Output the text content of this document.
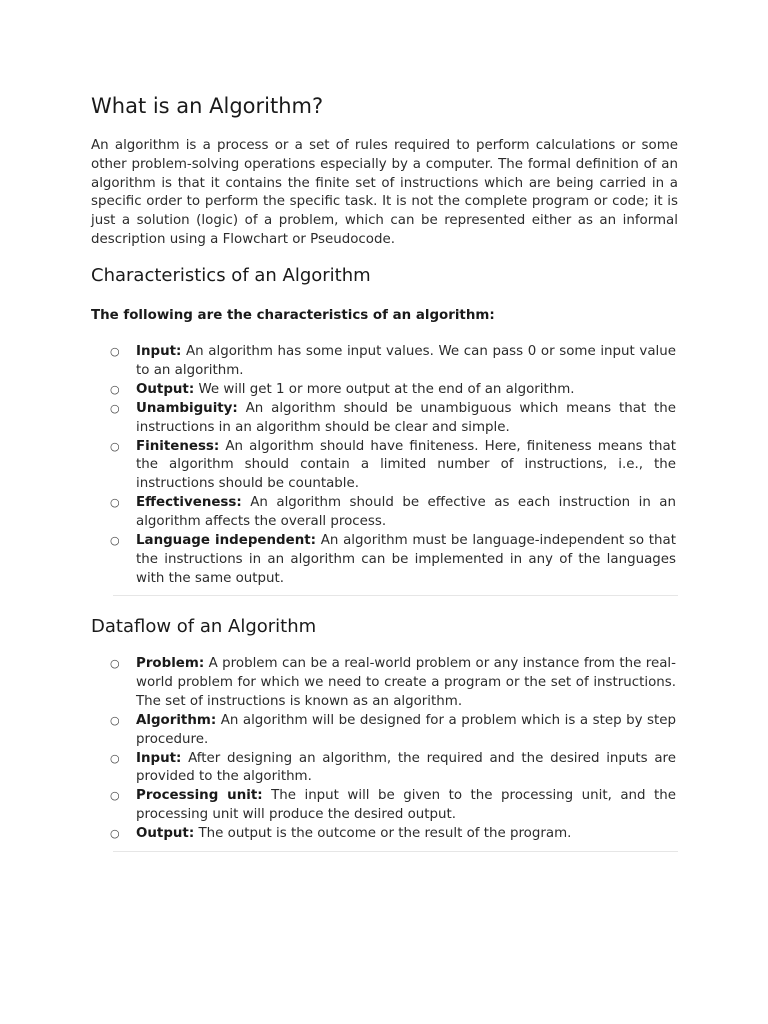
What is an Algorithm?

An algorithm is a process or a set of rules required to perform calculations or some other problem-solving operations especially by a computer. The formal definition of an algorithm is that it contains the finite set of instructions which are being carried in a specific order to perform the specific task. It is not the complete program or code; it is just a solution (logic) of a problem, which can be represented either as an informal description using a Flowchart or Pseudocode.

Characteristics of an Algorithm

The following are the characteristics of an algorithm:

○ Input: An algorithm has some input values. We can pass 0 or some input value to an algorithm.
○ Output: We will get 1 or more output at the end of an algorithm.
○ Unambiguity: An algorithm should be unambiguous which means that the instructions in an algorithm should be clear and simple.
○ Finiteness: An algorithm should have finiteness. Here, finiteness means that the algorithm should contain a limited number of instructions, i.e., the instructions should be countable.
○ Effectiveness: An algorithm should be effective as each instruction in an algorithm affects the overall process.
○ Language independent: An algorithm must be language-independent so that the instructions in an algorithm can be implemented in any of the languages with the same output.
Dataflow of an Algorithm
○ Problem: A problem can be a real-world problem or any instance from the real-world problem for which we need to create a program or the set of instructions. The set of instructions is known as an algorithm.
○ Algorithm: An algorithm will be designed for a problem which is a step by step procedure.
○ Input: After designing an algorithm, the required and the desired inputs are provided to the algorithm.
○ Processing unit: The input will be given to the processing unit, and the processing unit will produce the desired output.
○ Output: The output is the outcome or the result of the program.
